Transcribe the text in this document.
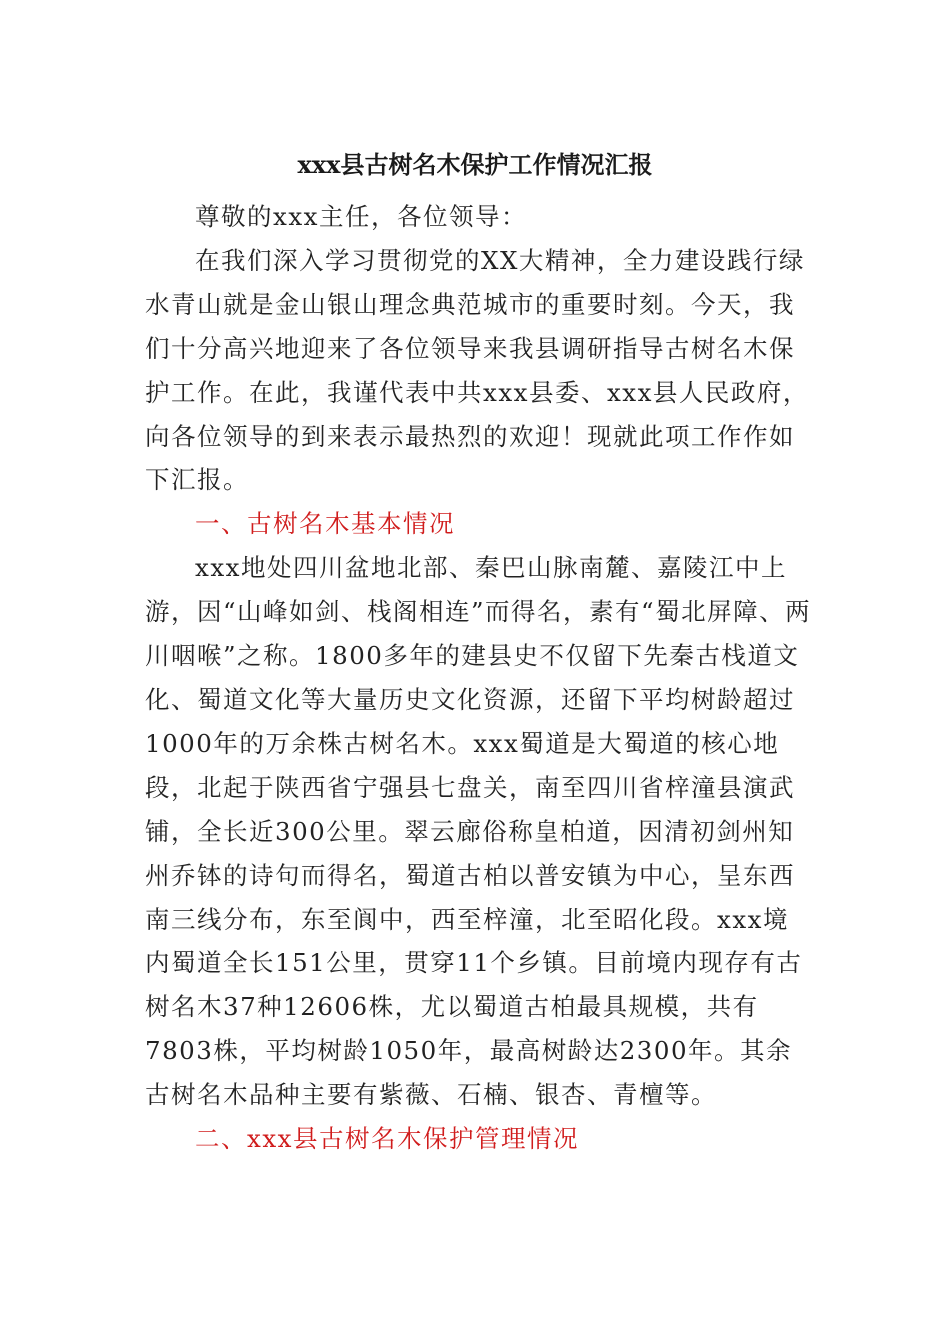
xxx县古树名木保护工作情况汇报

尊敬的xxx主任，各位领导：

在我们深入学习贯彻党的XX大精神，全力建设践行绿水青山就是金山银山理念典范城市的重要时刻。今天，我们十分高兴地迎来了各位领导来我县调研指导古树名木保护工作。在此，我谨代表中共xxx县委、xxx县人民政府，向各位领导的到来表示最热烈的欢迎！现就此项工作作如下汇报。

一、古树名木基本情况

xxx地处四川盆地北部、秦巴山脉南麓、嘉陵江中上游，因“山峰如剑、栈阁相连”而得名，素有“蜀北屏障、两川咽喉”之称。1800多年的建县史不仅留下先秦古栈道文化、蜀道文化等大量历史文化资源，还留下平均树龄超过1000年的万余株古树名木。xxx蜀道是大蜀道的核心地段，北起于陕西省宁强县七盘关，南至四川省梓潼县演武铺，全长近300公里。翠云廊俗称皇柏道，因清初剑州知州乔钵的诗句而得名，蜀道古柏以普安镇为中心，呈东西南三线分布，东至阆中，西至梓潼，北至昭化段。xxx境内蜀道全长151公里，贯穿11个乡镇。目前境内现存有古树名木37种12606株，尤以蜀道古柏最具规模，共有7803株，平均树龄1050年，最高树龄达2300年。其余古树名木品种主要有紫薇、石楠、银杏、青檀等。

二、xxx县古树名木保护管理情况
